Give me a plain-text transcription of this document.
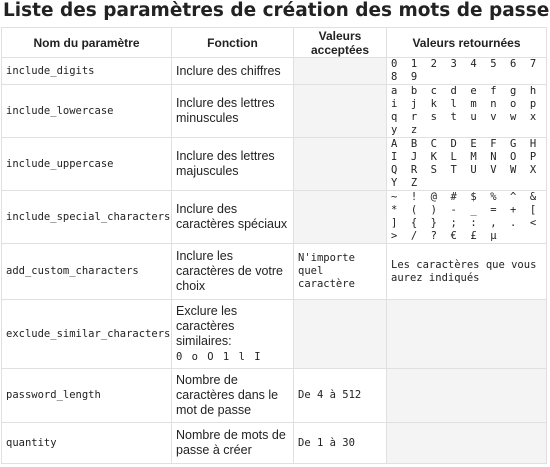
Liste des paramètres de création des mots de passe
Nom du paramètre	Fonction	Valeurs acceptées	Valeurs retournées
include_digits	Inclure des chiffres		0 1 2 3 4 5 6 7 8 9
include_lowercase	Inclure des lettres minuscules		a b c d e f g h i j k l m n o p q r s t u v w x y z
include_uppercase	Inclure des lettres majuscules		A B C D E F G H I J K L M N O P Q R S T U V W X Y Z
include_special_characters	Inclure des caractères spéciaux		~ ! @ # $ % ^ & * ( ) - _ = + [ ] { } ; : , . < > / ? € £ µ
add_custom_characters	Inclure les caractères de votre choix	N'importe quel caractère	Les caractères que vous aurez indiqués
exclude_similar_characters	Exclure les caractères similaires:
0 o O 1 l I		
password_length	Nombre de caractères dans le mot de passe	De 4 à 512	
quantity	Nombre de mots de passe à créer	De 1 à 30	
